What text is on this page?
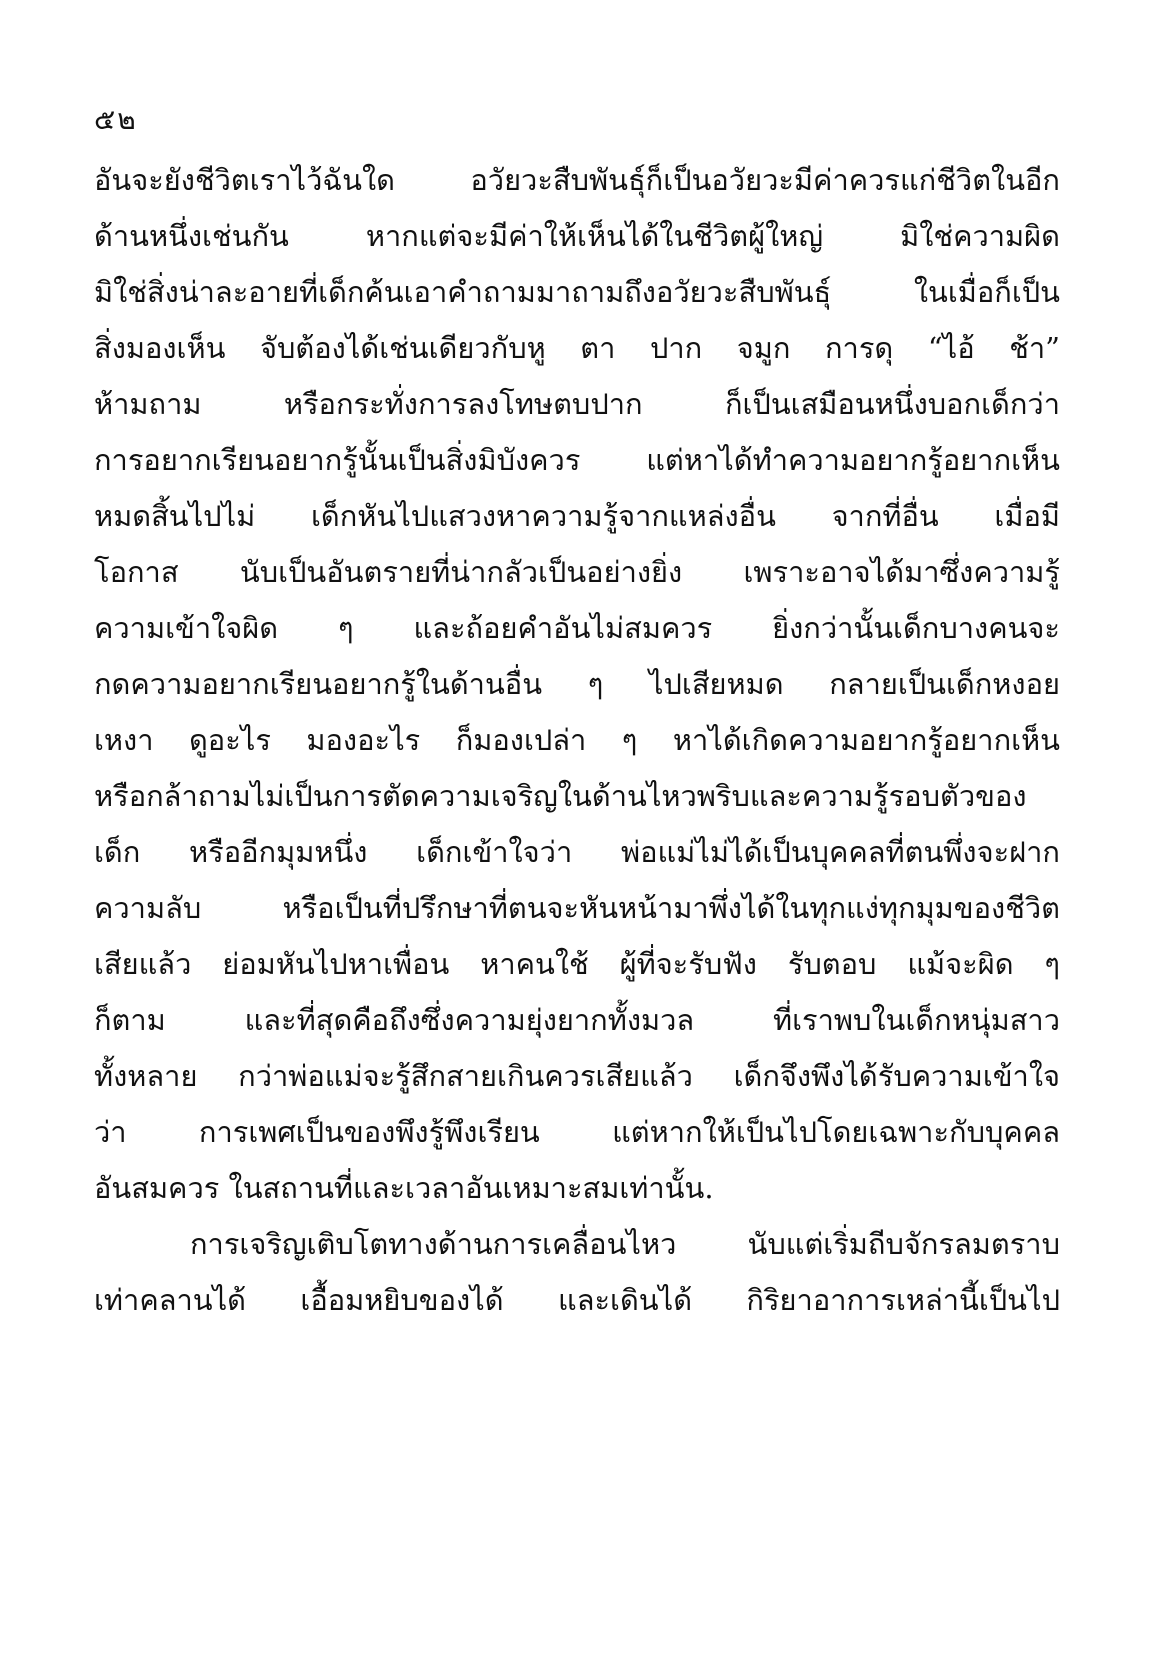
๕๒
อันจะยังชีวิตเราไว้ฉันใด อวัยวะสืบพันธุ์ก็เป็นอวัยวะมีค่าควรแก่ชีวิตในอีก
ด้านหนึ่งเช่นกัน หากแต่จะมีค่าให้เห็นได้ในชีวิตผู้ใหญ่ มิใช่ความผิด
มิใช่สิ่งน่าละอายที่เด็กค้นเอาคำถามมาถามถึงอวัยวะสืบพันธุ์ ในเมื่อก็เป็น
สิ่งมองเห็น จับต้องได้เช่นเดียวกับหู ตา ปาก จมูก การดุ “ไอ้ ช้า”
ห้ามถาม หรือกระทั่งการลงโทษตบปาก ก็เป็นเสมือนหนึ่งบอกเด็กว่า
การอยากเรียนอยากรู้นั้นเป็นสิ่งมิบังควร แต่หาได้ทำความอยากรู้อยากเห็น
หมดสิ้นไปไม่ เด็กหันไปแสวงหาความรู้จากแหล่งอื่น จากที่อื่น เมื่อมี
โอกาส นับเป็นอันตรายที่น่ากลัวเป็นอย่างยิ่ง เพราะอาจได้มาซึ่งความรู้
ความเข้าใจผิด ๆ และถ้อยคำอันไม่สมควร ยิ่งกว่านั้นเด็กบางคนจะ
กดความอยากเรียนอยากรู้ในด้านอื่น ๆ ไปเสียหมด กลายเป็นเด็กหงอย
เหงา ดูอะไร มองอะไร ก็มองเปล่า ๆ หาได้เกิดความอยากรู้อยากเห็น
หรือกล้าถามไม่เป็นการตัดความเจริญในด้านไหวพริบและความรู้รอบตัวของ
เด็ก หรืออีกมุมหนึ่ง เด็กเข้าใจว่า พ่อแม่ไม่ได้เป็นบุคคลที่ตนพึ่งจะฝาก
ความลับ หรือเป็นที่ปรึกษาที่ตนจะหันหน้ามาพึ่งได้ในทุกแง่ทุกมุมของชีวิต
เสียแล้ว ย่อมหันไปหาเพื่อน หาคนใช้ ผู้ที่จะรับฟัง รับตอบ แม้จะผิด ๆ
ก็ตาม และที่สุดคือถึงซึ่งความยุ่งยากทั้งมวล ที่เราพบในเด็กหนุ่มสาว
ทั้งหลาย กว่าพ่อแม่จะรู้สึกสายเกินควรเสียแล้ว เด็กจึงพึงได้รับความเข้าใจ
ว่า การเพศเป็นของพึงรู้พึงเรียน แต่หากให้เป็นไปโดยเฉพาะกับบุคคล
อันสมควร ในสถานที่และเวลาอันเหมาะสมเท่านั้น.
การเจริญเติบโตทางด้านการเคลื่อนไหว นับแต่เริ่มถีบจักรลมตราบ
เท่าคลานได้ เอื้อมหยิบของได้ และเดินได้ กิริยาอาการเหล่านี้เป็นไป
